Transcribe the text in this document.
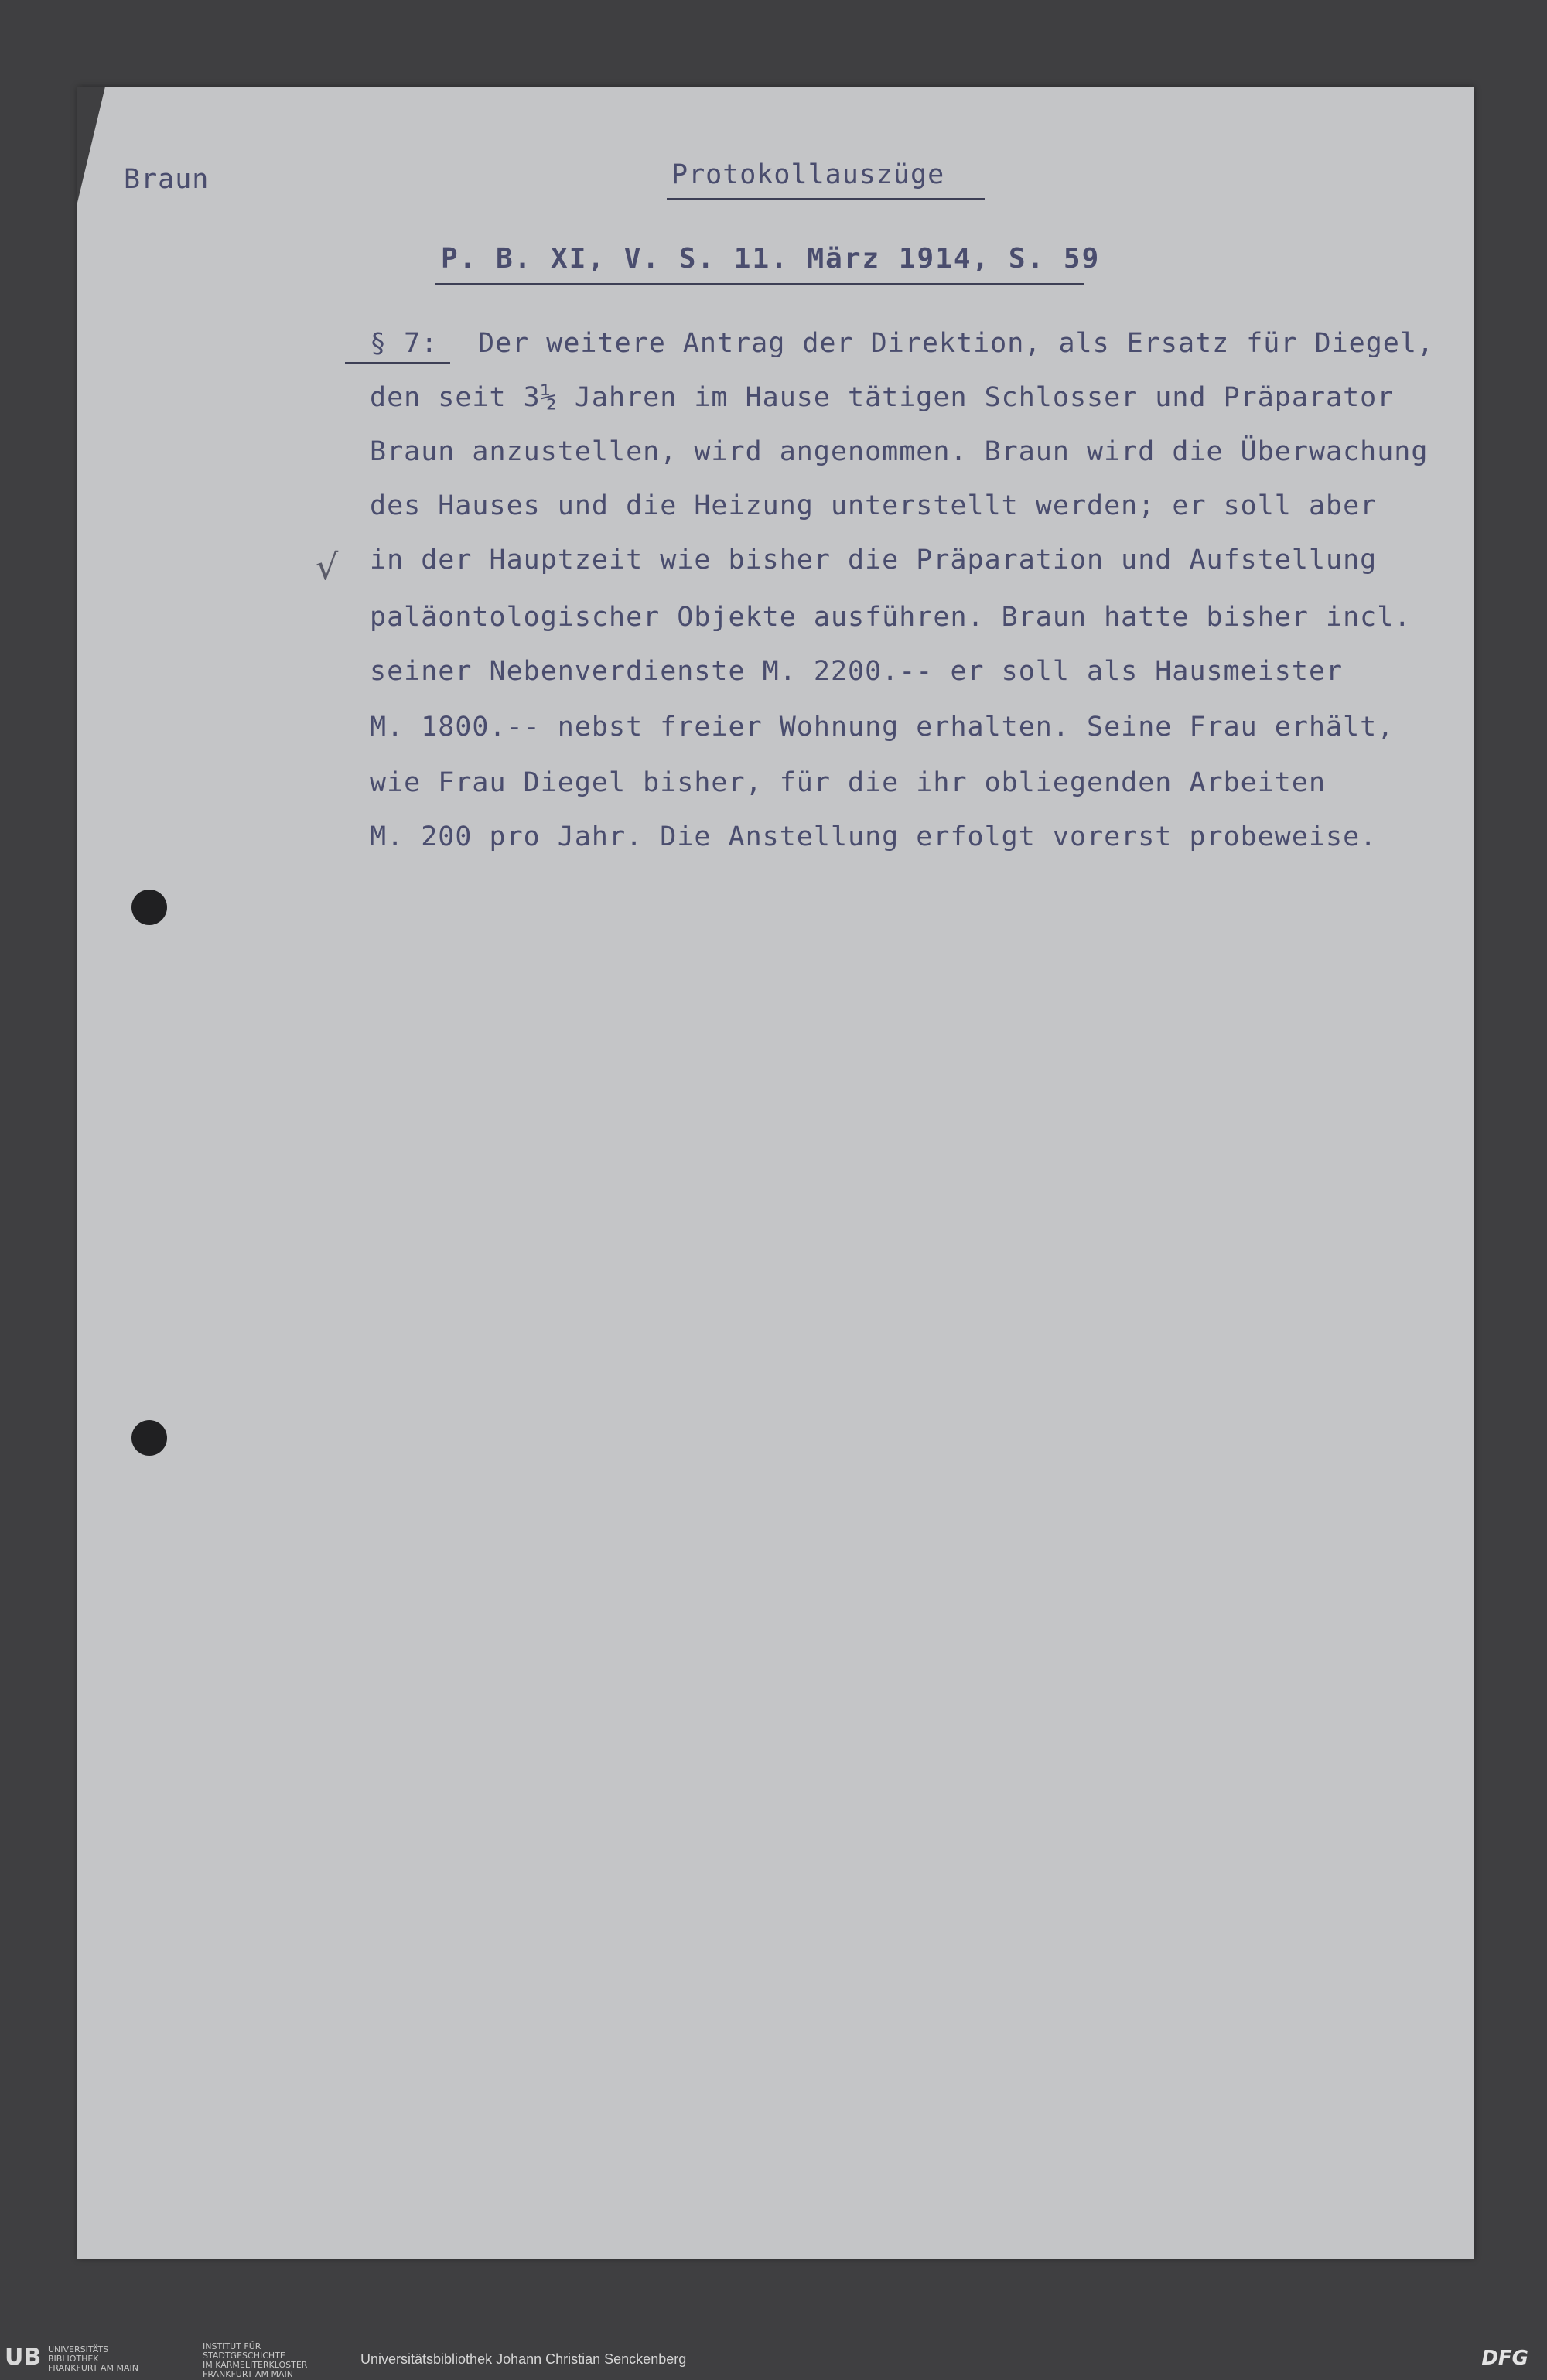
Braun	Protokollauszüge
P. B. XI, V. S. 11. März 1914, S. 59
§ 7: Der weitere Antrag der Direktion, als Ersatz für Diegel,
den seit 3½ Jahren im Hause tätigen Schlosser und Präparator
Braun anzustellen, wird angenommen. Braun wird die Überwachung
des Hauses und die Heizung unterstellt werden; er soll aber
in der Hauptzeit wie bisher die Präparation und Aufstellung
paläontologischer Objekte ausführen. Braun hatte bisher incl.
seiner Nebenverdienste M. 2200.-- er soll als Hausmeister
M. 1800.-- nebst freier Wohnung erhalten. Seine Frau erhält,
wie Frau Diegel bisher, für die ihr obliegenden Arbeiten
M. 200 pro Jahr. Die Anstellung erfolgt vorerst probeweise.
√
UB UNIVERSITÄTS
BIBLIOTHEK
FRANKFURT AM MAIN
INSTITUT FÜR
STADTGESCHICHTE
IM KARMELITERKLOSTER
FRANKFURT AM MAIN
Universitätsbibliothek Johann Christian Senckenberg	DFG
